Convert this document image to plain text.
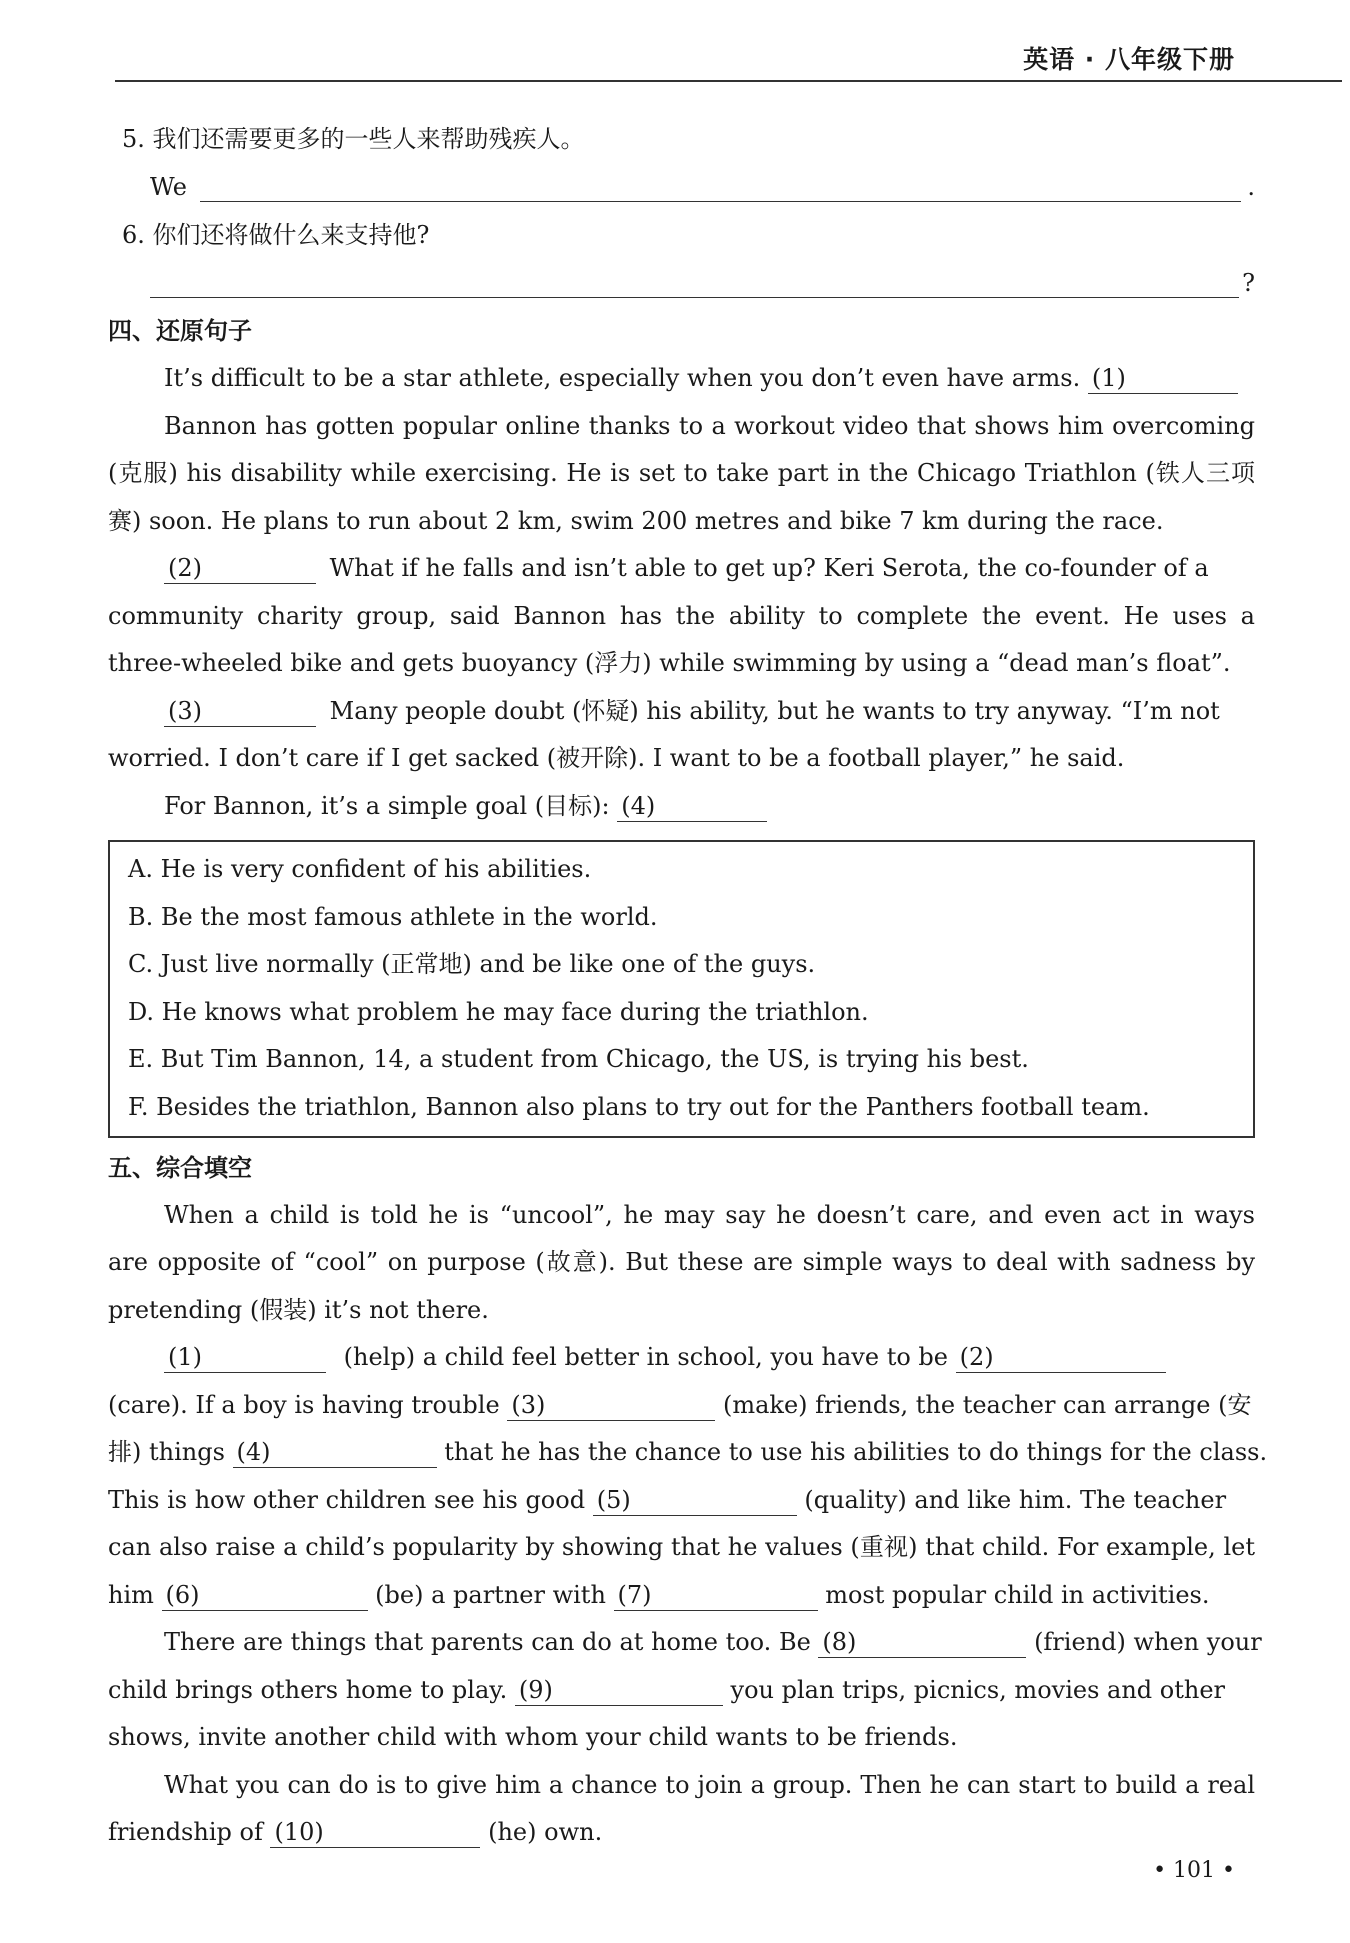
英语 · 八年级下册
5. 我们还需要更多的一些人来帮助残疾人。
We	.
6. 你们还将做什么来支持他?
?
四、还原句子
It’s difficult to be a star athlete, especially when you don’t even have arms. (1)
Bannon has gotten popular online thanks to a workout video that shows him overcoming
(克服) his disability while exercising. He is set to take part in the Chicago Triathlon (铁人三项
赛) soon. He plans to run about 2 km, swim 200 metres and bike 7 km during the race.
(2)	What if he falls and isn’t able to get up? Keri Serota, the co-founder of a
community charity group, said Bannon has the ability to complete the event. He uses a
three-wheeled bike and gets buoyancy (浮力) while swimming by using a “dead man’s float”.
(3)	Many people doubt (怀疑) his ability, but he wants to try anyway. “I’m not
worried. I don’t care if I get sacked (被开除). I want to be a football player,” he said.
For Bannon, it’s a simple goal (目标): (4)
A. He is very confident of his abilities.
B. Be the most famous athlete in the world.
C. Just live normally (正常地) and be like one of the guys.
D. He knows what problem he may face during the triathlon.
E. But Tim Bannon, 14, a student from Chicago, the US, is trying his best.
F. Besides the triathlon, Bannon also plans to try out for the Panthers football team.
五、综合填空
When a child is told he is “uncool”, he may say he doesn’t care, and even act in ways
are opposite of “cool” on purpose (故意). But these are simple ways to deal with sadness by
pretending (假装) it’s not there.
(1)	(help) a child feel better in school, you have to be (2)
(care). If a boy is having trouble (3)	(make) friends, the teacher can arrange (安
排) things (4)	that he has the chance to use his abilities to do things for the class.
This is how other children see his good (5)	(quality) and like him. The teacher
can also raise a child’s popularity by showing that he values (重视) that child. For example, let
him (6)	(be) a partner with (7)	most popular child in activities.
There are things that parents can do at home too. Be (8)	(friend) when your
child brings others home to play. (9)	you plan trips, picnics, movies and other
shows, invite another child with whom your child wants to be friends.
What you can do is to give him a chance to join a group. Then he can start to build a real
friendship of (10)	(he) own.
• 101 •
